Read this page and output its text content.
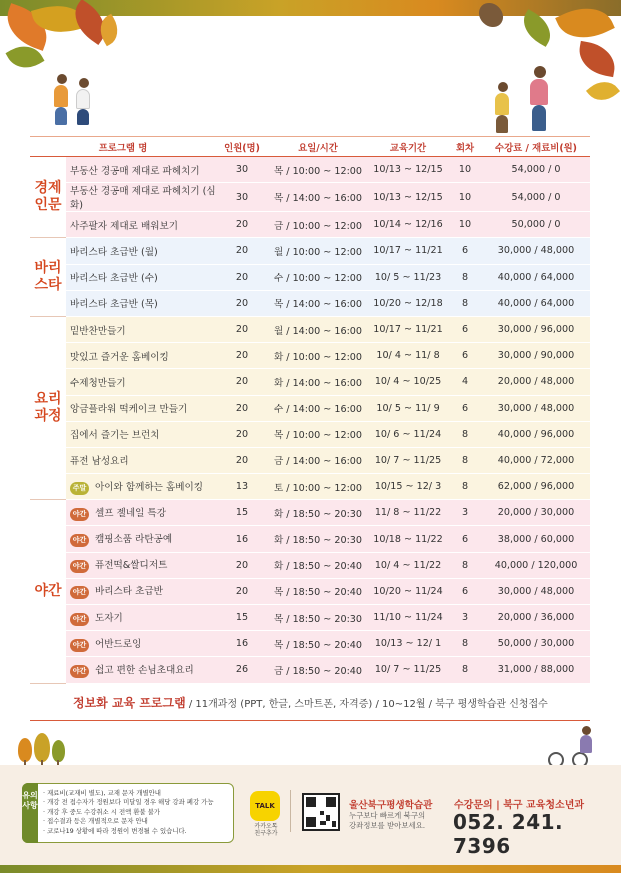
프로그램 명		인원(명)	요일/시간	교육기간	회차	수강료 / 재료비(원)
경제
인문	부동산 경공매 제대로 파헤치기	30	목 / 10:00 ~ 12:00	10/13 ~ 12/15	10	54,000 / 0
	부동산 경공매 제대로 파헤치기 (심화)	30	목 / 14:00 ~ 16:00	10/13 ~ 12/15	10	54,000 / 0
	사주팔자 제대로 배워보기	20	금 / 10:00 ~ 12:00	10/14 ~ 12/16	10	50,000 / 0
바리
스타	바리스타 초급반 (월)	20	월 / 10:00 ~ 12:00	10/17 ~ 11/21	6	30,000 / 48,000
	바리스타 초급반 (수)	20	수 / 10:00 ~ 12:00	10/ 5 ~ 11/23	8	40,000 / 64,000
	바리스타 초급반 (목)	20	목 / 14:00 ~ 16:00	10/20 ~ 12/18	8	40,000 / 64,000
요리
과정	밑반찬만들기	20	월 / 14:00 ~ 16:00	10/17 ~ 11/21	6	30,000 / 96,000
	맛있고 즐거운 홈베이킹	20	화 / 10:00 ~ 12:00	10/ 4 ~ 11/ 8	6	30,000 / 90,000
	수제청만들기	20	화 / 14:00 ~ 16:00	10/ 4 ~ 10/25	4	20,000 / 48,000
	앙금플라워 떡케이크 만들기	20	수 / 14:00 ~ 16:00	10/ 5 ~ 11/ 9	6	30,000 / 48,000
	집에서 즐기는 브런치	20	목 / 10:00 ~ 12:00	10/ 6 ~ 11/24	8	40,000 / 96,000
	퓨전 남성요리	20	금 / 14:00 ~ 16:00	10/ 7 ~ 11/25	8	40,000 / 72,000
	주말 아이와 함께하는 홈베이킹	13	토 / 10:00 ~ 12:00	10/15 ~ 12/ 3	8	62,000 / 96,000
야간	야간 셀프 젤네일 특강	15	화 / 18:50 ~ 20:30	11/ 8 ~ 11/22	3	20,000 / 30,000
	야간 캠핑소품 라탄공예	16	화 / 18:50 ~ 20:30	10/18 ~ 11/22	6	38,000 / 60,000
	야간 퓨전떡&쌀디저트	20	화 / 18:50 ~ 20:40	10/ 4 ~ 11/22	8	40,000 / 120,000
	야간 바리스타 초급반	20	목 / 18:50 ~ 20:40	10/20 ~ 11/24	6	30,000 / 48,000
	야간 도자기	15	목 / 18:50 ~ 20:30	11/10 ~ 11/24	3	20,000 / 36,000
	야간 어반드로잉	16	목 / 18:50 ~ 20:40	10/13 ~ 12/ 1	8	50,000 / 30,000
	야간 쉽고 편한 손님초대요리	26	금 / 18:50 ~ 20:40	10/ 7 ~ 11/25	8	31,000 / 88,000
정보화 교육 프로그램 / 11개과정 (PPT, 한글, 스마트폰, 자격증) / 10~12월 / 북구 평생학습관 신청접수
유의사항
· 재료비(교재비 별도), 교재 문자 개별안내
· 개강 전 접수자가 정원보다 미달일 경우 해당 강좌 폐강 가능
· 개강 후 중도 수강취소 시 전액 환불 불가
· 접수결과 등은 개별적으로 문자 안내
· 코로나19 상황에 따라 정원이 변경될 수 있습니다.
TALK
카카오톡
친구추가
울산북구평생학습관
누구보다 빠르게 북구의
강좌정보를 받아보세요.
수강문의 | 북구 교육청소년과
052. 241. 7396
